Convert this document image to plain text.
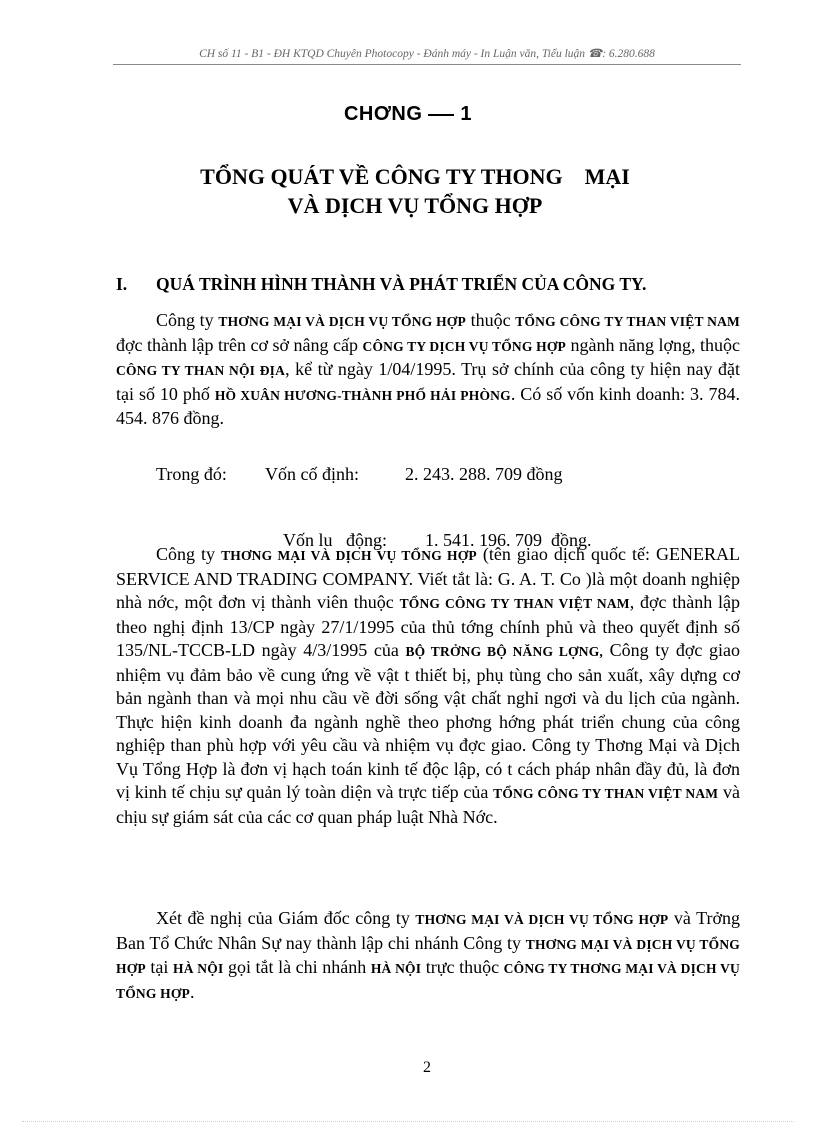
CH số 11 - B1 - ĐH KTQD Chuyên Photocopy - Đánh máy - In Luận văn, Tiểu luận ☎: 6.280.688
CHƠNG 1
TỔNG QUÁT VỀ CÔNG TY THONG    MẠI
VÀ DỊCH VỤ TỔNG HỢP
I. QUÁ TRÌNH HÌNH THÀNH VÀ PHÁT TRIỂN CỦA CÔNG TY.
Công ty THƠNG MẠI VÀ DỊCH VỤ TỔNG HỢP thuộc TỔNG CÔNG TY THAN VIỆT NAM đợc thành lập trên cơ sở nâng cấp CÔNG TY DỊCH VỤ TỔNG HỢP ngành năng lợng, thuộc CÔNG TY THAN NỘI ĐỊA, kể từ ngày 1/04/1995. Trụ sở chính của công ty hiện nay đặt tại số 10 phố HỒ XUÂN HƯƠNG-THÀNH PHỐ HẢI PHÒNG. Có số vốn kinh doanh: 3. 784. 454. 876 đồng.
Trong đó: Vốn cố định:	2. 243. 288. 709 đồng

Vốn lu   động: 1. 541. 196. 709  đồng.

Công ty THƠNG MẠI VÀ DỊCH VỤ TỔNG HỢP (tên giao dịch quốc tế: GENERAL SERVICE AND TRADING COMPANY. Viết tắt là: G. A. T. Co )là một doanh nghiệp nhà nớc, một đơn vị thành viên thuộc TỔNG CÔNG TY THAN VIỆT NAM, đợc thành lập theo nghị định 13/CP ngày 27/1/1995 của thủ tớng chính phủ và theo quyết định số 135/NL-TCCB-LD ngày 4/3/1995 của BỘ TRỞNG BỘ NĂNG LỢNG, Công ty đợc giao nhiệm vụ đảm bảo về cung ứng về vật t thiết bị, phụ tùng cho sản xuất, xây dựng cơ bản ngành than và mọi nhu cầu về đời sống vật chất nghỉ ngơi và du lịch của ngành. Thực hiện kinh doanh đa ngành nghề theo phơng hớng phát triển chung của công nghiệp than phù hợp với yêu cầu và nhiệm vụ đợc giao. Công ty Thơng Mại và Dịch Vụ Tổng Hợp là đơn vị hạch toán kinh tế độc lập, có t cách pháp nhân đầy đủ, là đơn vị kinh tế chịu sự quản lý toàn diện và trực tiếp của TỔNG CÔNG TY THAN VIỆT NAM và chịu sự giám sát của các cơ quan pháp luật Nhà Nớc.
Xét đề nghị của Giám đốc công ty THƠNG MẠI VÀ DỊCH VỤ TỔNG HỢP và Trởng Ban Tổ Chức Nhân Sự nay thành lập chi nhánh Công ty THƠNG MẠI VÀ DỊCH VỤ TỔNG HỢP tại HÀ NỘI gọi tắt là chi nhánh HÀ NỘI trực thuộc CÔNG TY THƠNG MẠI VÀ DỊCH VỤ TỔNG HỢP.
2
